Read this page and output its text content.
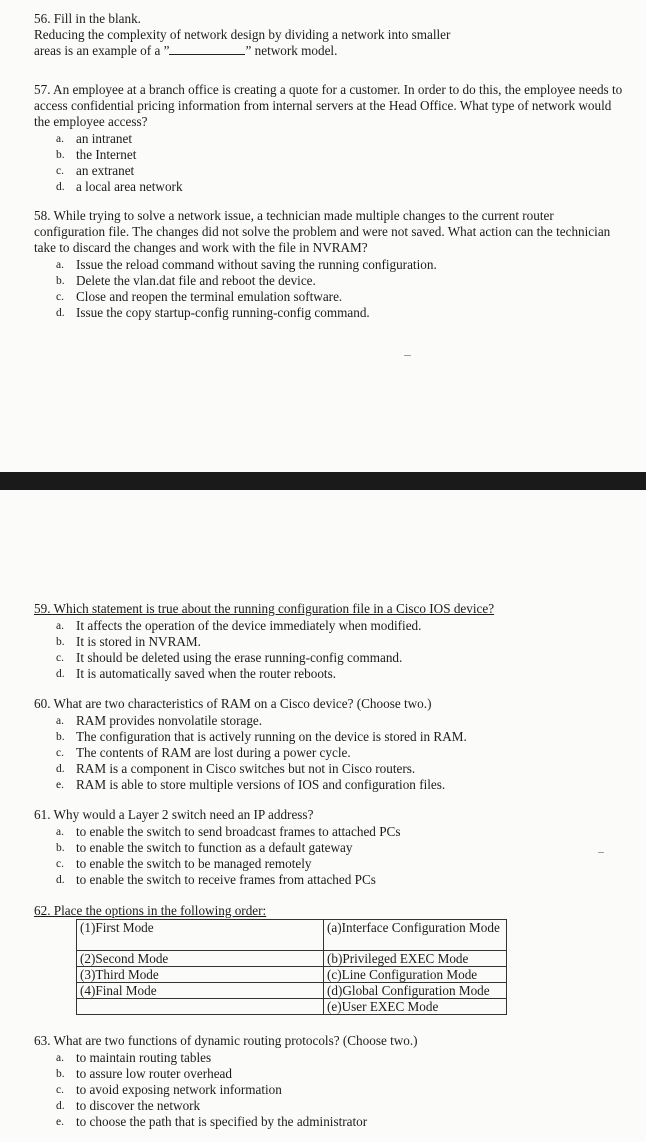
56. Fill in the blank.

Reducing the complexity of network design by dividing a network into smaller

areas is an example of a ”	” network model.

57. An employee at a branch office is creating a quote for a customer. In order to do this, the employee needs to access confidential pricing information from internal servers at the Head Office. What type of network would the employee access?

a. an intranet
b. the Internet
c. an extranet
d. a local area network

58. While trying to solve a network issue, a technician made multiple changes to the current router configuration file. The changes did not solve the problem and were not saved. What action can the technician take to discard the changes and work with the file in NVRAM?

a. Issue the reload command without saving the running configuration.
b. Delete the vlan.dat file and reboot the device.
c. Close and reopen the terminal emulation software.
d. Issue the copy startup-config running-config command.

59. Which statement is true about the running configuration file in a Cisco IOS device?

a. It affects the operation of the device immediately when modified.
b. It is stored in NVRAM.
c. It should be deleted using the erase running-config command.
d. It is automatically saved when the router reboots.

60. What are two characteristics of RAM on a Cisco device? (Choose two.)

a. RAM provides nonvolatile storage.
b. The configuration that is actively running on the device is stored in RAM.
c. The contents of RAM are lost during a power cycle.
d. RAM is a component in Cisco switches but not in Cisco routers.
e. RAM is able to store multiple versions of IOS and configuration files.

61. Why would a Layer 2 switch need an IP address?

a. to enable the switch to send broadcast frames to attached PCs
b. to enable the switch to function as a default gateway
c. to enable the switch to be managed remotely
d. to enable the switch to receive frames from attached PCs

62. Place the options in the following order:

(1)First Mode	(a)Interface Configuration Mode
(2)Second Mode	(b)Privileged EXEC Mode
(3)Third Mode	(c)Line Configuration Mode
(4)Final Mode	(d)Global Configuration Mode
	(e)User EXEC Mode

63. What are two functions of dynamic routing protocols? (Choose two.)

a. to maintain routing tables
b. to assure low router overhead
c. to avoid exposing network information
d. to discover the network
e. to choose the path that is specified by the administrator
